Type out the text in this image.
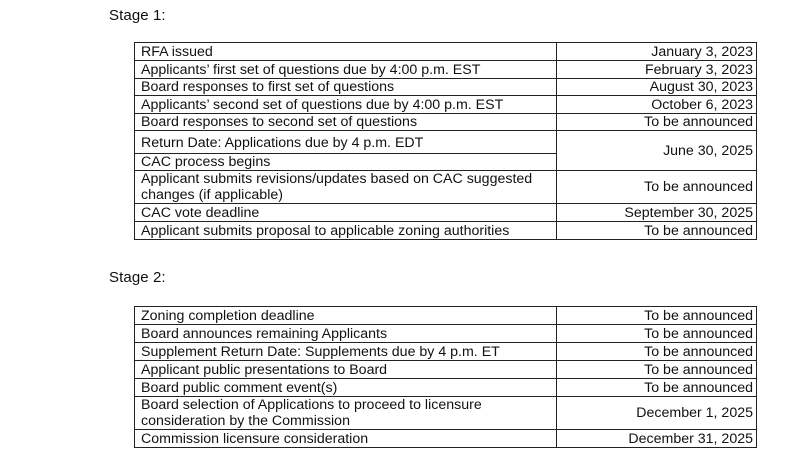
Stage 1:
RFA issued	January 3, 2023
Applicants’ first set of questions due by 4:00 p.m. EST	February 3, 2023
Board responses to first set of questions	August 30, 2023
Applicants’ second set of questions due by 4:00 p.m. EST	October 6, 2023
Board responses to second set of questions	To be announced

Return Date: Applications due by 4 p.m. EDT
CAC process begins	June 30, 2025

Applicant submits revisions/updates based on CAC suggested
changes (if applicable)	To be announced
CAC vote deadline	September 30, 2025
Applicant submits proposal to applicable zoning authorities	To be announced
Stage 2:
Zoning completion deadline	To be announced
Board announces remaining Applicants	To be announced
Supplement Return Date: Supplements due by 4 p.m. ET	To be announced
Applicant public presentations to Board	To be announced
Board public comment event(s)	To be announced

Board selection of Applications to proceed to licensure
consideration by the Commission	December 1, 2025
Commission licensure consideration	December 31, 2025
